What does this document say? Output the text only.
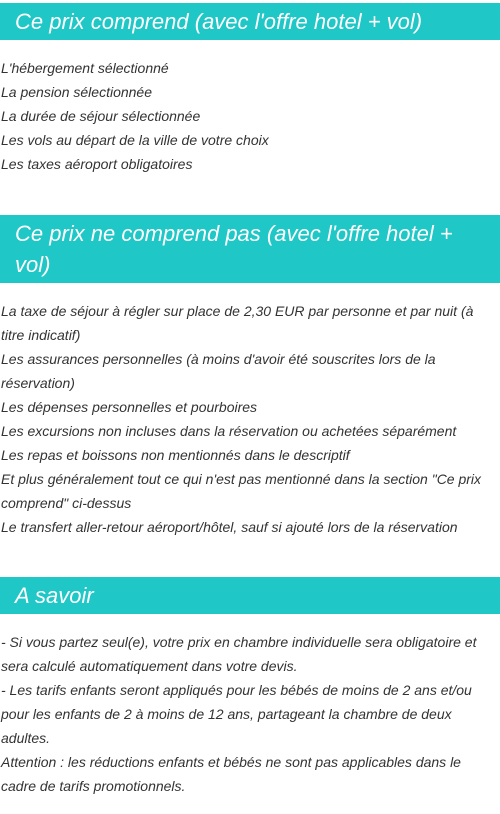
Ce prix comprend (avec l'offre hotel + vol)
L'hébergement sélectionné
La pension sélectionnée
La durée de séjour sélectionnée
Les vols au départ de la ville de votre choix
Les taxes aéroport obligatoires
Ce prix ne comprend pas (avec l'offre hotel + vol)
La taxe de séjour à régler sur place de 2,30 EUR par personne et par nuit (à titre indicatif)
Les assurances personnelles (à moins d'avoir été souscrites lors de la réservation)
Les dépenses personnelles et pourboires
Les excursions non incluses dans la réservation ou achetées séparément
Les repas et boissons non mentionnés dans le descriptif
Et plus généralement tout ce qui n'est pas mentionné dans la section "Ce prix comprend" ci-dessus
Le transfert aller-retour aéroport/hôtel, sauf si ajouté lors de la réservation
A savoir
- Si vous partez seul(e), votre prix en chambre individuelle sera obligatoire et sera calculé automatiquement dans votre devis.
- Les tarifs enfants seront appliqués pour les bébés de moins de 2 ans et/ou pour les enfants de 2 à moins de 12 ans, partageant la chambre de deux adultes.
Attention : les réductions enfants et bébés ne sont pas applicables dans le cadre de tarifs promotionnels.
